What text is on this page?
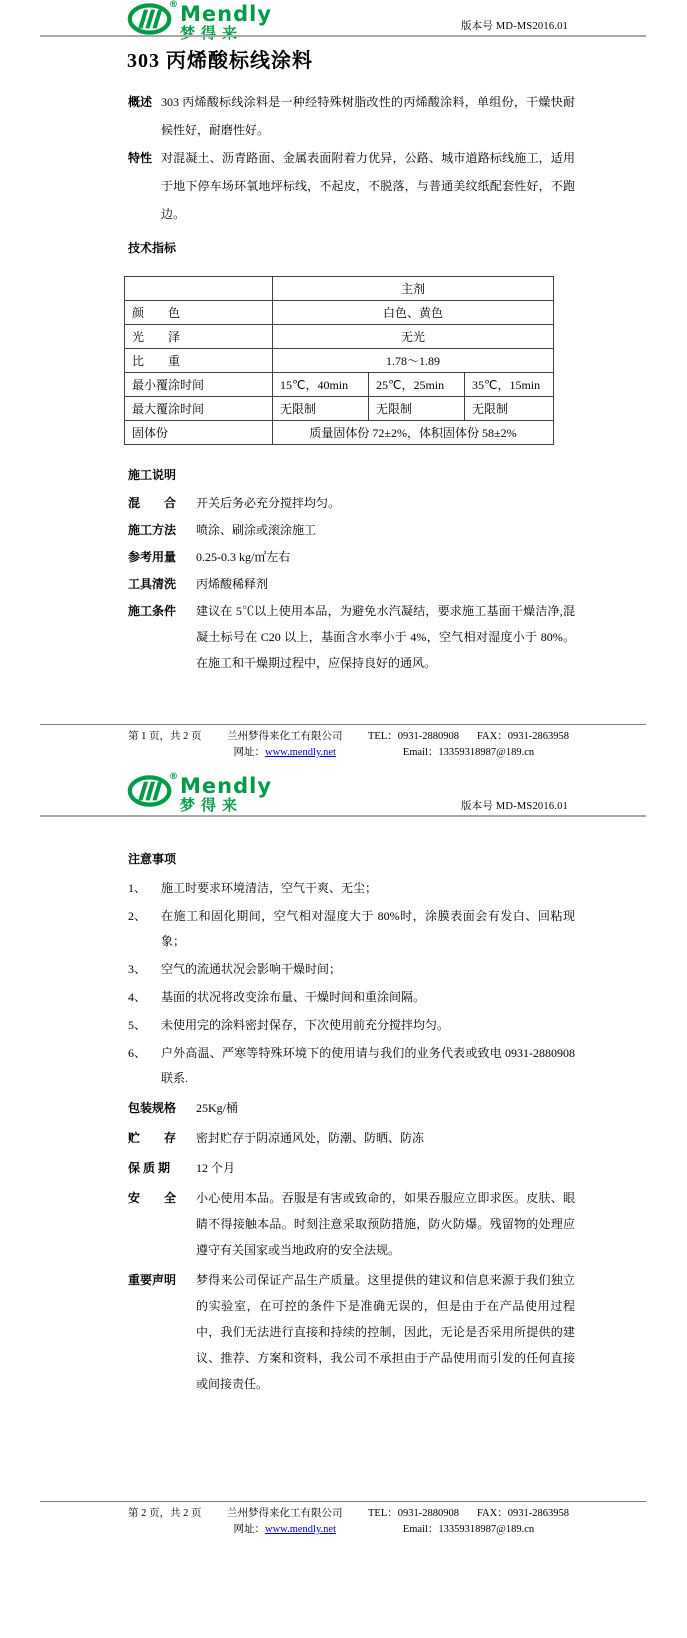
® Mendly
梦得来	版本号 MD-MS2016.01
303 丙烯酸标线涂料
概述 303 丙烯酸标线涂料是一种经特殊树脂改性的丙烯酸涂料，单组份，干燥快耐候性好，耐磨性好。
特性 对混凝土、沥青路面、金属表面附着力优异，公路、城市道路标线施工，适用于地下停车场环氧地坪标线，不起皮，不脱落，与普通美纹纸配套性好，不跑边。
技术指标
	主剂		
颜　　色	白色、黄色		
光　　泽	无光		
比　　重	1.78～1.89		
最小覆涂时间	15℃，40min	25℃，25min	35℃，15min
最大覆涂时间	无限制	无限制	无限制
固体份	质量固体份 72±2%，体积固体份 58±2%		
施工说明
混　　合	开关后务必充分搅拌均匀。
施工方法	喷涂、刷涂或滚涂施工
参考用量	0.25-0.3 kg/㎡左右
工具清洗	丙烯酸稀释剂
施工条件	建议在 5℃以上使用本品，为避免水汽凝结，要求施工基面干燥洁净,混凝土标号在 C20 以上，基面含水率小于 4%，空气相对湿度小于 80%。在施工和干燥期过程中，应保持良好的通风。
第 1 页，共 2 页 兰州梦得来化工有限公司
网址：www.mendly.net
TEL：0931-2880908 FAX：0931-2863958
Email：13359318987@189.cn
® Mendly
梦得来	版本号 MD-MS2016.01
注意事项
1、	施工时要求环境清洁，空气干爽、无尘；
2、	在施工和固化期间，空气相对湿度大于 80%时，涂膜表面会有发白、回粘现象；
3、	空气的流通状况会影响干燥时间；
4、	基面的状况将改变涂布量、干燥时间和重涂间隔。
5、	未使用完的涂料密封保存，下次使用前充分搅拌均匀。
6、	户外高温、严寒等特殊环境下的使用请与我们的业务代表或致电 0931-2880908 联系.
包装规格	25Kg/桶
贮　　存	密封贮存于阴凉通风处，防潮、防晒、防冻
保 质 期	12 个月
安　　全	小心使用本品。吞服是有害或致命的，如果吞服应立即求医。皮肤、眼睛不得接触本品。时刻注意采取预防措施，防火防爆。残留物的处理应遵守有关国家或当地政府的安全法规。
重要声明	梦得来公司保证产品生产质量。这里提供的建议和信息来源于我们独立的实验室，在可控的条件下是准确无误的，但是由于在产品使用过程中，我们无法进行直接和持续的控制，因此，无论是否采用所提供的建议、推荐、方案和资料，我公司不承担由于产品使用而引发的任何直接或间接责任。
第 2 页，共 2 页 兰州梦得来化工有限公司
网址：www.mendly.net
TEL：0931-2880908 FAX：0931-2863958
Email：13359318987@189.cn
